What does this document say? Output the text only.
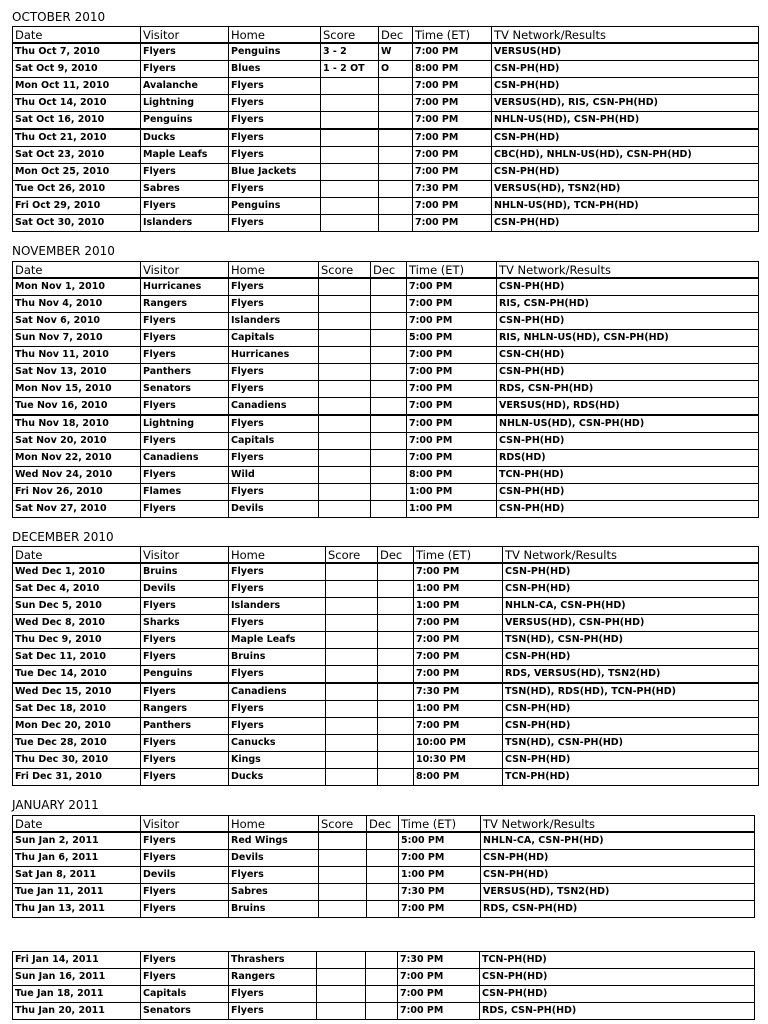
OCTOBER 2010
Date	Visitor	Home	Score	Dec	Time (ET)	TV Network/Results
Thu Oct 7, 2010	Flyers	Penguins	3 - 2	W	7:00 PM	VERSUS(HD)
Sat Oct 9, 2010	Flyers	Blues	1 - 2 OT	O	8:00 PM	CSN-PH(HD)
Mon Oct 11, 2010	Avalanche	Flyers			7:00 PM	CSN-PH(HD)
Thu Oct 14, 2010	Lightning	Flyers			7:00 PM	VERSUS(HD), RIS, CSN-PH(HD)
Sat Oct 16, 2010	Penguins	Flyers			7:00 PM	NHLN-US(HD), CSN-PH(HD)
Thu Oct 21, 2010	Ducks	Flyers			7:00 PM	CSN-PH(HD)
Sat Oct 23, 2010	Maple Leafs	Flyers			7:00 PM	CBC(HD), NHLN-US(HD), CSN-PH(HD)
Mon Oct 25, 2010	Flyers	Blue Jackets			7:00 PM	CSN-PH(HD)
Tue Oct 26, 2010	Sabres	Flyers			7:30 PM	VERSUS(HD), TSN2(HD)
Fri Oct 29, 2010	Flyers	Penguins			7:00 PM	NHLN-US(HD), TCN-PH(HD)
Sat Oct 30, 2010	Islanders	Flyers			7:00 PM	CSN-PH(HD)
NOVEMBER 2010
Date	Visitor	Home	Score	Dec	Time (ET)	TV Network/Results
Mon Nov 1, 2010	Hurricanes	Flyers			7:00 PM	CSN-PH(HD)
Thu Nov 4, 2010	Rangers	Flyers			7:00 PM	RIS, CSN-PH(HD)
Sat Nov 6, 2010	Flyers	Islanders			7:00 PM	CSN-PH(HD)
Sun Nov 7, 2010	Flyers	Capitals			5:00 PM	RIS, NHLN-US(HD), CSN-PH(HD)
Thu Nov 11, 2010	Flyers	Hurricanes			7:00 PM	CSN-CH(HD)
Sat Nov 13, 2010	Panthers	Flyers			7:00 PM	CSN-PH(HD)
Mon Nov 15, 2010	Senators	Flyers			7:00 PM	RDS, CSN-PH(HD)
Tue Nov 16, 2010	Flyers	Canadiens			7:00 PM	VERSUS(HD), RDS(HD)
Thu Nov 18, 2010	Lightning	Flyers			7:00 PM	NHLN-US(HD), CSN-PH(HD)
Sat Nov 20, 2010	Flyers	Capitals			7:00 PM	CSN-PH(HD)
Mon Nov 22, 2010	Canadiens	Flyers			7:00 PM	RDS(HD)
Wed Nov 24, 2010	Flyers	Wild			8:00 PM	TCN-PH(HD)
Fri Nov 26, 2010	Flames	Flyers			1:00 PM	CSN-PH(HD)
Sat Nov 27, 2010	Flyers	Devils			1:00 PM	CSN-PH(HD)
DECEMBER 2010
Date	Visitor	Home	Score	Dec	Time (ET)	TV Network/Results
Wed Dec 1, 2010	Bruins	Flyers			7:00 PM	CSN-PH(HD)
Sat Dec 4, 2010	Devils	Flyers			1:00 PM	CSN-PH(HD)
Sun Dec 5, 2010	Flyers	Islanders			1:00 PM	NHLN-CA, CSN-PH(HD)
Wed Dec 8, 2010	Sharks	Flyers			7:00 PM	VERSUS(HD), CSN-PH(HD)
Thu Dec 9, 2010	Flyers	Maple Leafs			7:00 PM	TSN(HD), CSN-PH(HD)
Sat Dec 11, 2010	Flyers	Bruins			7:00 PM	CSN-PH(HD)
Tue Dec 14, 2010	Penguins	Flyers			7:00 PM	RDS, VERSUS(HD), TSN2(HD)
Wed Dec 15, 2010	Flyers	Canadiens			7:30 PM	TSN(HD), RDS(HD), TCN-PH(HD)
Sat Dec 18, 2010	Rangers	Flyers			1:00 PM	CSN-PH(HD)
Mon Dec 20, 2010	Panthers	Flyers			7:00 PM	CSN-PH(HD)
Tue Dec 28, 2010	Flyers	Canucks			10:00 PM	TSN(HD), CSN-PH(HD)
Thu Dec 30, 2010	Flyers	Kings			10:30 PM	CSN-PH(HD)
Fri Dec 31, 2010	Flyers	Ducks			8:00 PM	TCN-PH(HD)
JANUARY 2011
Date	Visitor	Home	Score	Dec	Time (ET)	TV Network/Results
Sun Jan 2, 2011	Flyers	Red Wings			5:00 PM	NHLN-CA, CSN-PH(HD)
Thu Jan 6, 2011	Flyers	Devils			7:00 PM	CSN-PH(HD)
Sat Jan 8, 2011	Devils	Flyers			1:00 PM	CSN-PH(HD)
Tue Jan 11, 2011	Flyers	Sabres			7:30 PM	VERSUS(HD), TSN2(HD)
Thu Jan 13, 2011	Flyers	Bruins			7:00 PM	RDS, CSN-PH(HD)
Fri Jan 14, 2011	Flyers	Thrashers			7:30 PM	TCN-PH(HD)
Sun Jan 16, 2011	Flyers	Rangers			7:00 PM	CSN-PH(HD)
Tue Jan 18, 2011	Capitals	Flyers			7:00 PM	CSN-PH(HD)
Thu Jan 20, 2011	Senators	Flyers			7:00 PM	RDS, CSN-PH(HD)
